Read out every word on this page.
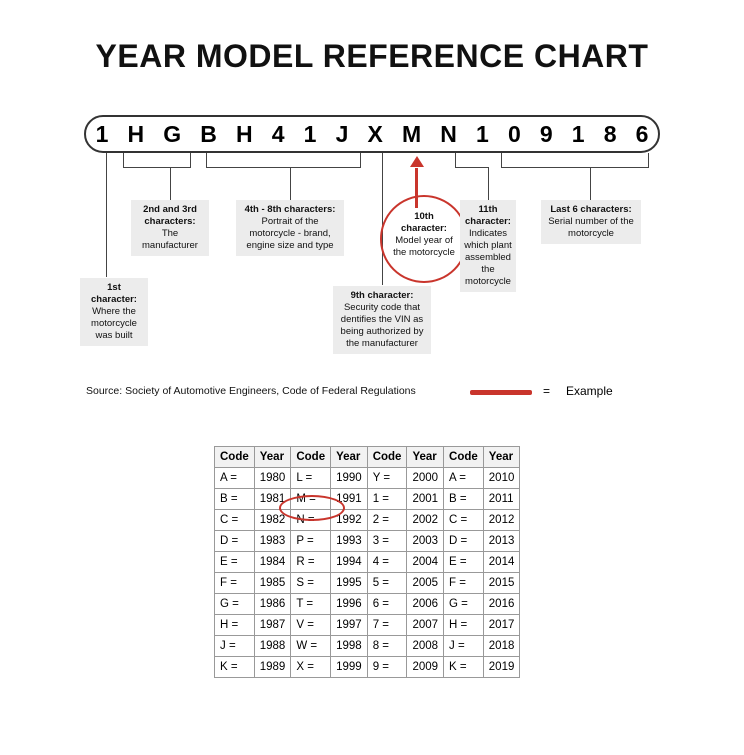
YEAR MODEL REFERENCE CHART
1 H G B H 4 1 J X M N 1 0 9 1 8 6
1st character:
Where the motorcycle was built
2nd and 3rd characters:
The manufacturer
4th - 8th characters:
Portrait of the motorcycle - brand, engine size and type
9th character:
Security code that dentifies the VIN as being authorized by the manufacturer
10th character:
Model year of the motorcycle
11th character:
Indicates which plant assembled the motorcycle
Last 6 characters:
Serial number of the motorcycle
Source: Society of Automotive Engineers, Code of Federal Regulations	= Example
Code	Year	Code	Year	Code	Year	Code	Year
A =	1980	L =	1990	Y =	2000	A =	2010
B =	1981	M =	1991	1 =	2001	B =	2011
C =	1982	N =	1992	2 =	2002	C =	2012
D =	1983	P =	1993	3 =	2003	D =	2013
E =	1984	R =	1994	4 =	2004	E =	2014
F =	1985	S =	1995	5 =	2005	F =	2015
G =	1986	T =	1996	6 =	2006	G =	2016
H =	1987	V =	1997	7 =	2007	H =	2017
J =	1988	W =	1998	8 =	2008	J =	2018
K =	1989	X =	1999	9 =	2009	K =	2019
